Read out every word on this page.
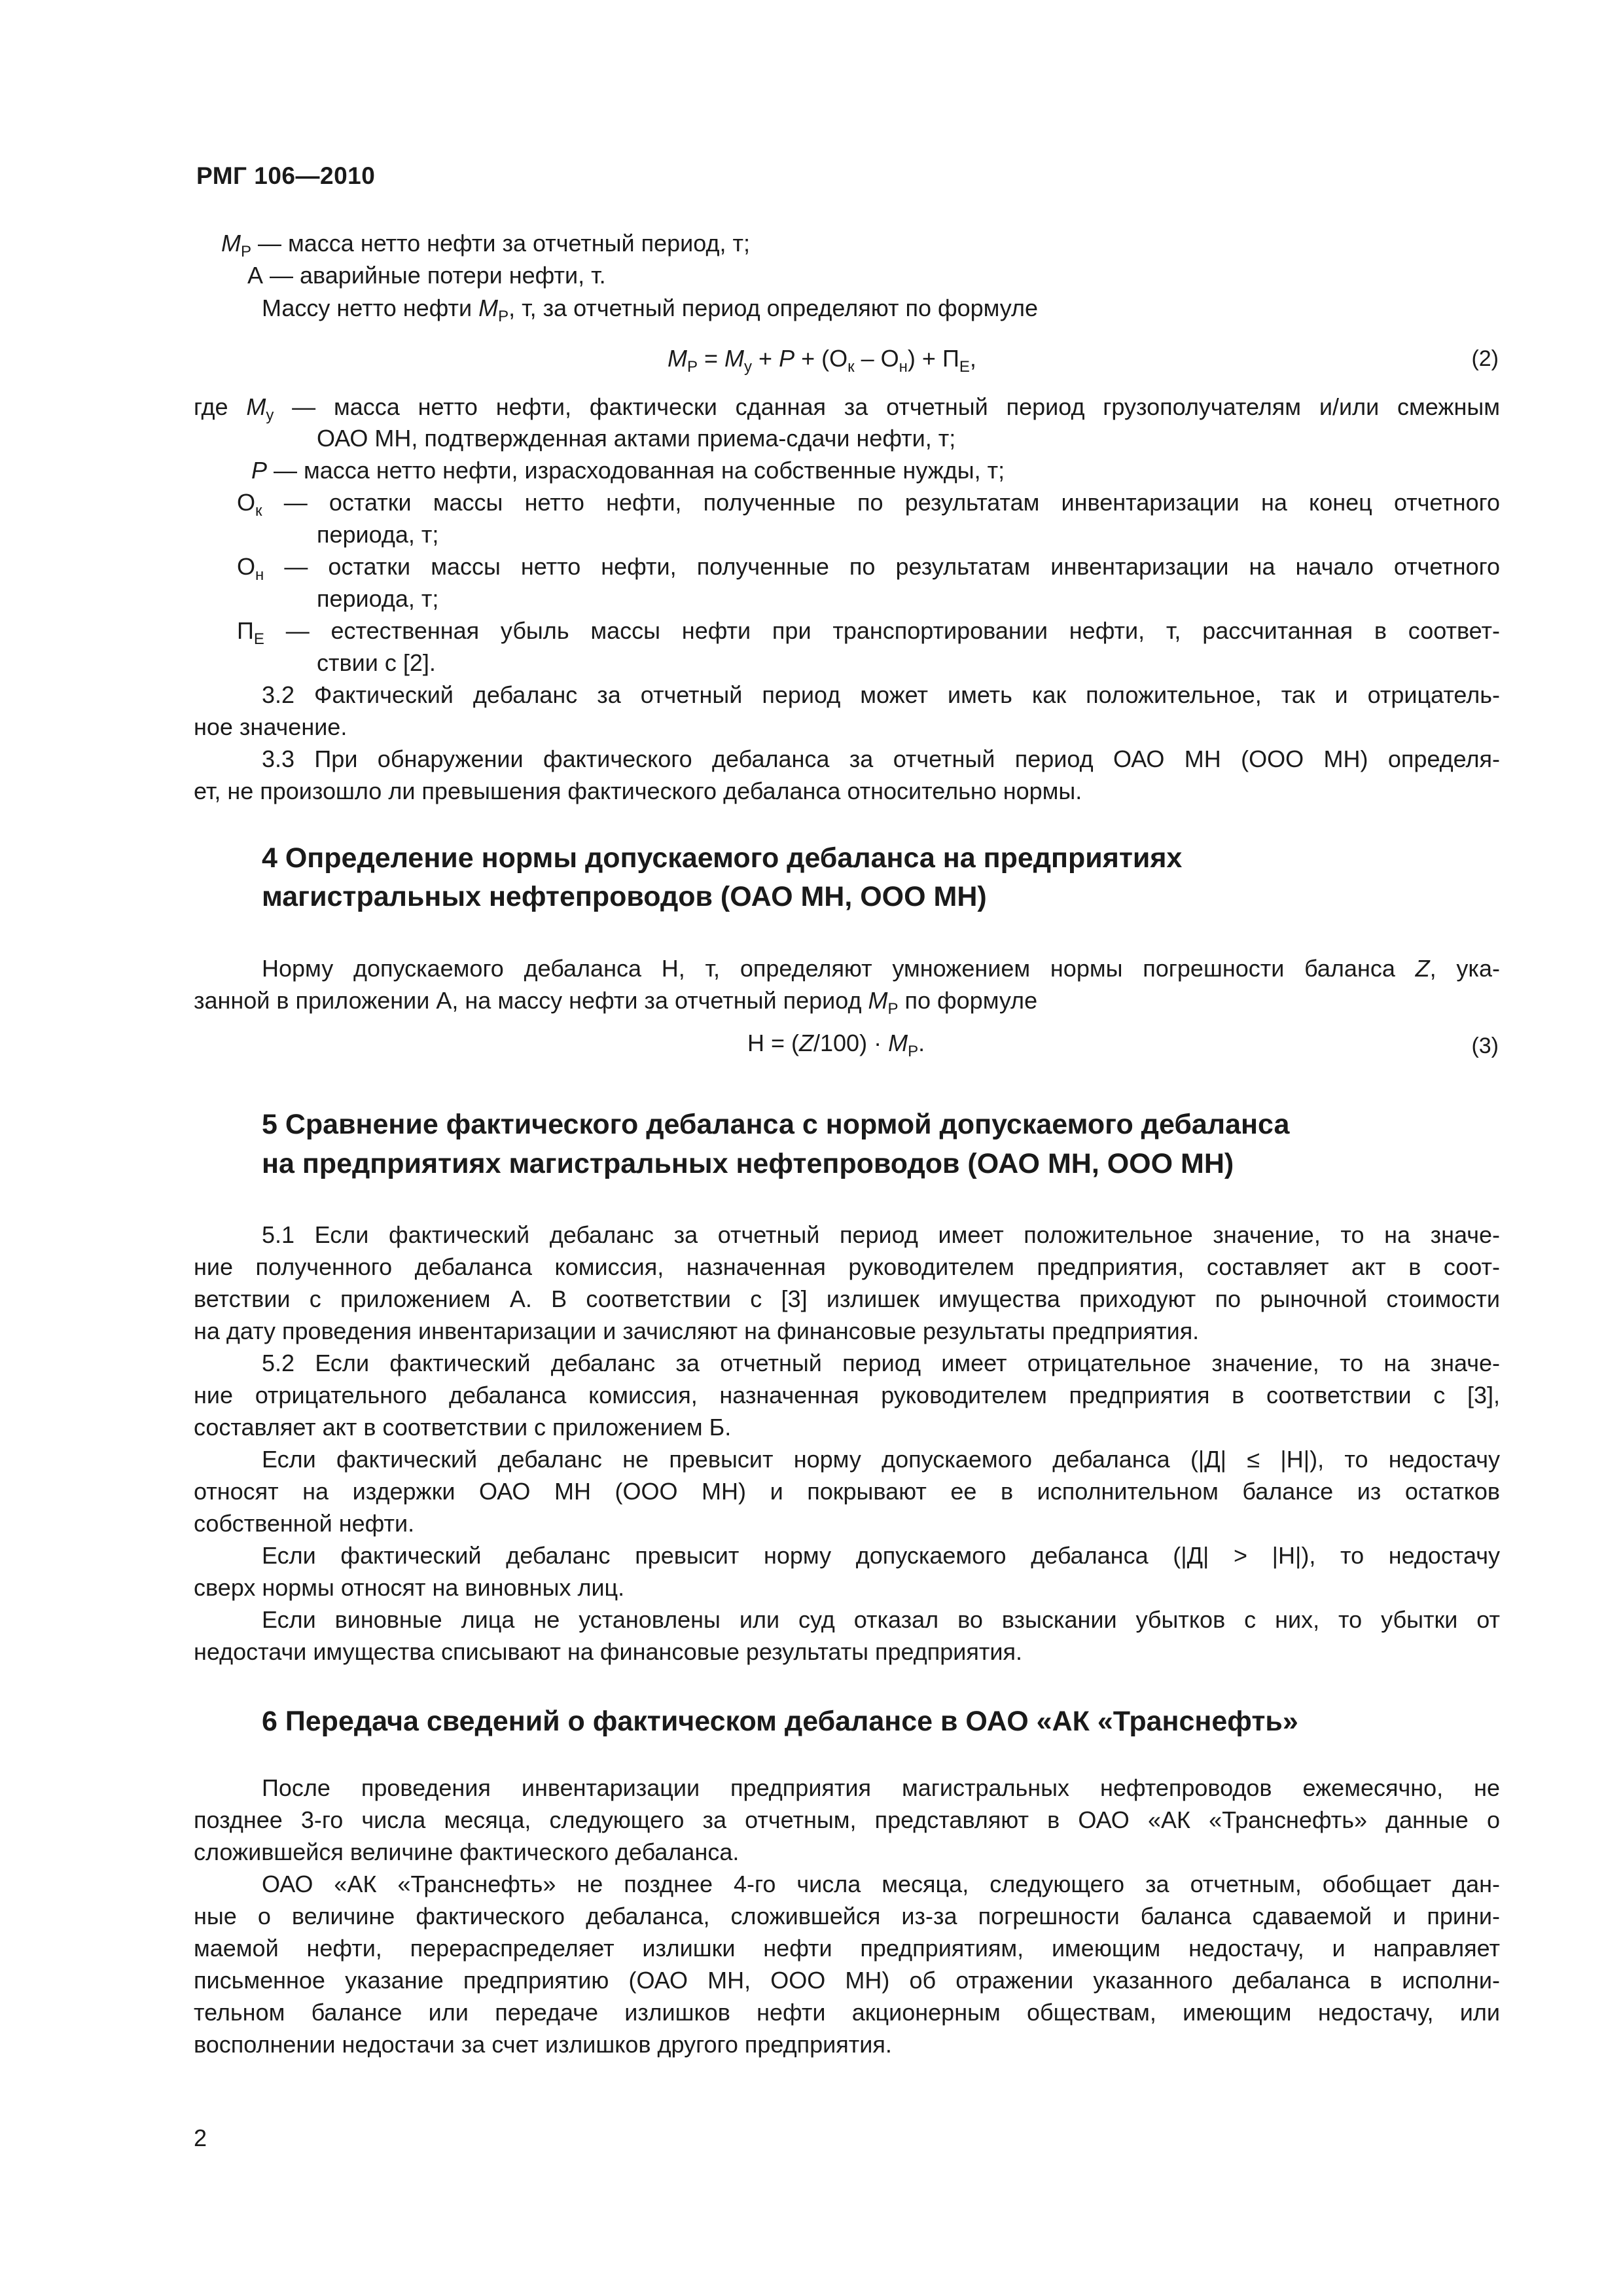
РМГ 106—2010
$M_P$ — масса нетто нефти за отчетный период, т;
А — аварийные потери нефти, т.
Массу нетто нефти $M_P$, т, за отчетный период определяют по формуле
$M_P = M_у + P + (О_к - О_н) + П_E$,	(2)
где $M_у$ — масса нетто нефти, фактически сданная за отчетный период грузополучателям и/или смежным
ОАО МН, подтвержденная актами приема-сдачи нефти, т;
P — масса нетто нефти, израсходованная на собственные нужды, т;
$О_к$ — остатки массы нетто нефти, полученные по результатам инвентаризации на конец отчетного
периода, т;
$О_н$ — остатки массы нетто нефти, полученные по результатам инвентаризации на начало отчетного
периода, т;
$П_E$ — естественная убыль массы нефти при транспортировании нефти, т, рассчитанная в соответ-
ствии с [2].
3.2 Фактический дебаланс за отчетный период может иметь как положительное, так и отрицатель-
ное значение.
3.3 При обнаружении фактического дебаланса за отчетный период ОАО МН (ООО МН) определя-
ет, не произошло ли превышения фактического дебаланса относительно нормы.
4 Определение нормы допускаемого дебаланса на предприятиях
магистральных нефтепроводов (ОАО МН, ООО МН)
Норму допускаемого дебаланса Н, т, определяют умножением нормы погрешности баланса Z, ука-
занной в приложении А, на массу нефти за отчетный период $M_P$ по формуле
$Н = (Z/100) \cdot M_P$.	(3)
5 Сравнение фактического дебаланса с нормой допускаемого дебаланса
на предприятиях магистральных нефтепроводов (ОАО МН, ООО МН)
5.1 Если фактический дебаланс за отчетный период имеет положительное значение, то на значе-
ние полученного дебаланса комиссия, назначенная руководителем предприятия, составляет акт в соот-
ветствии с приложением А. В соответствии с [3] излишек имущества приходуют по рыночной стоимости
на дату проведения инвентаризации и зачисляют на финансовые результаты предприятия.
5.2 Если фактический дебаланс за отчетный период имеет отрицательное значение, то на значе-
ние отрицательного дебаланса комиссия, назначенная руководителем предприятия в соответствии с [3],
составляет акт в соответствии с приложением Б.
Если фактический дебаланс не превысит норму допускаемого дебаланса (|Д| ≤ |Н|), то недостачу
относят на издержки ОАО МН (ООО МН) и покрывают ее в исполнительном балансе из остатков
собственной нефти.
Если фактический дебаланс превысит норму допускаемого дебаланса (|Д| > |Н|), то недостачу
сверх нормы относят на виновных лиц.
Если виновные лица не установлены или суд отказал во взыскании убытков с них, то убытки от
недостачи имущества списывают на финансовые результаты предприятия.
6 Передача сведений о фактическом дебалансе в ОАО «АК «Транснефть»
После проведения инвентаризации предприятия магистральных нефтепроводов ежемесячно, не
позднее 3-го числа месяца, следующего за отчетным, представляют в ОАО «АК «Транснефть» данные о
сложившейся величине фактического дебаланса.
ОАО «АК «Транснефть» не позднее 4-го числа месяца, следующего за отчетным, обобщает дан-
ные о величине фактического дебаланса, сложившейся из-за погрешности баланса сдаваемой и прини-
маемой нефти, перераспределяет излишки нефти предприятиям, имеющим недостачу, и направляет
письменное указание предприятию (ОАО МН, ООО МН) об отражении указанного дебаланса в исполни-
тельном балансе или передаче излишков нефти акционерным обществам, имеющим недостачу, или
восполнении недостачи за счет излишков другого предприятия.
2
